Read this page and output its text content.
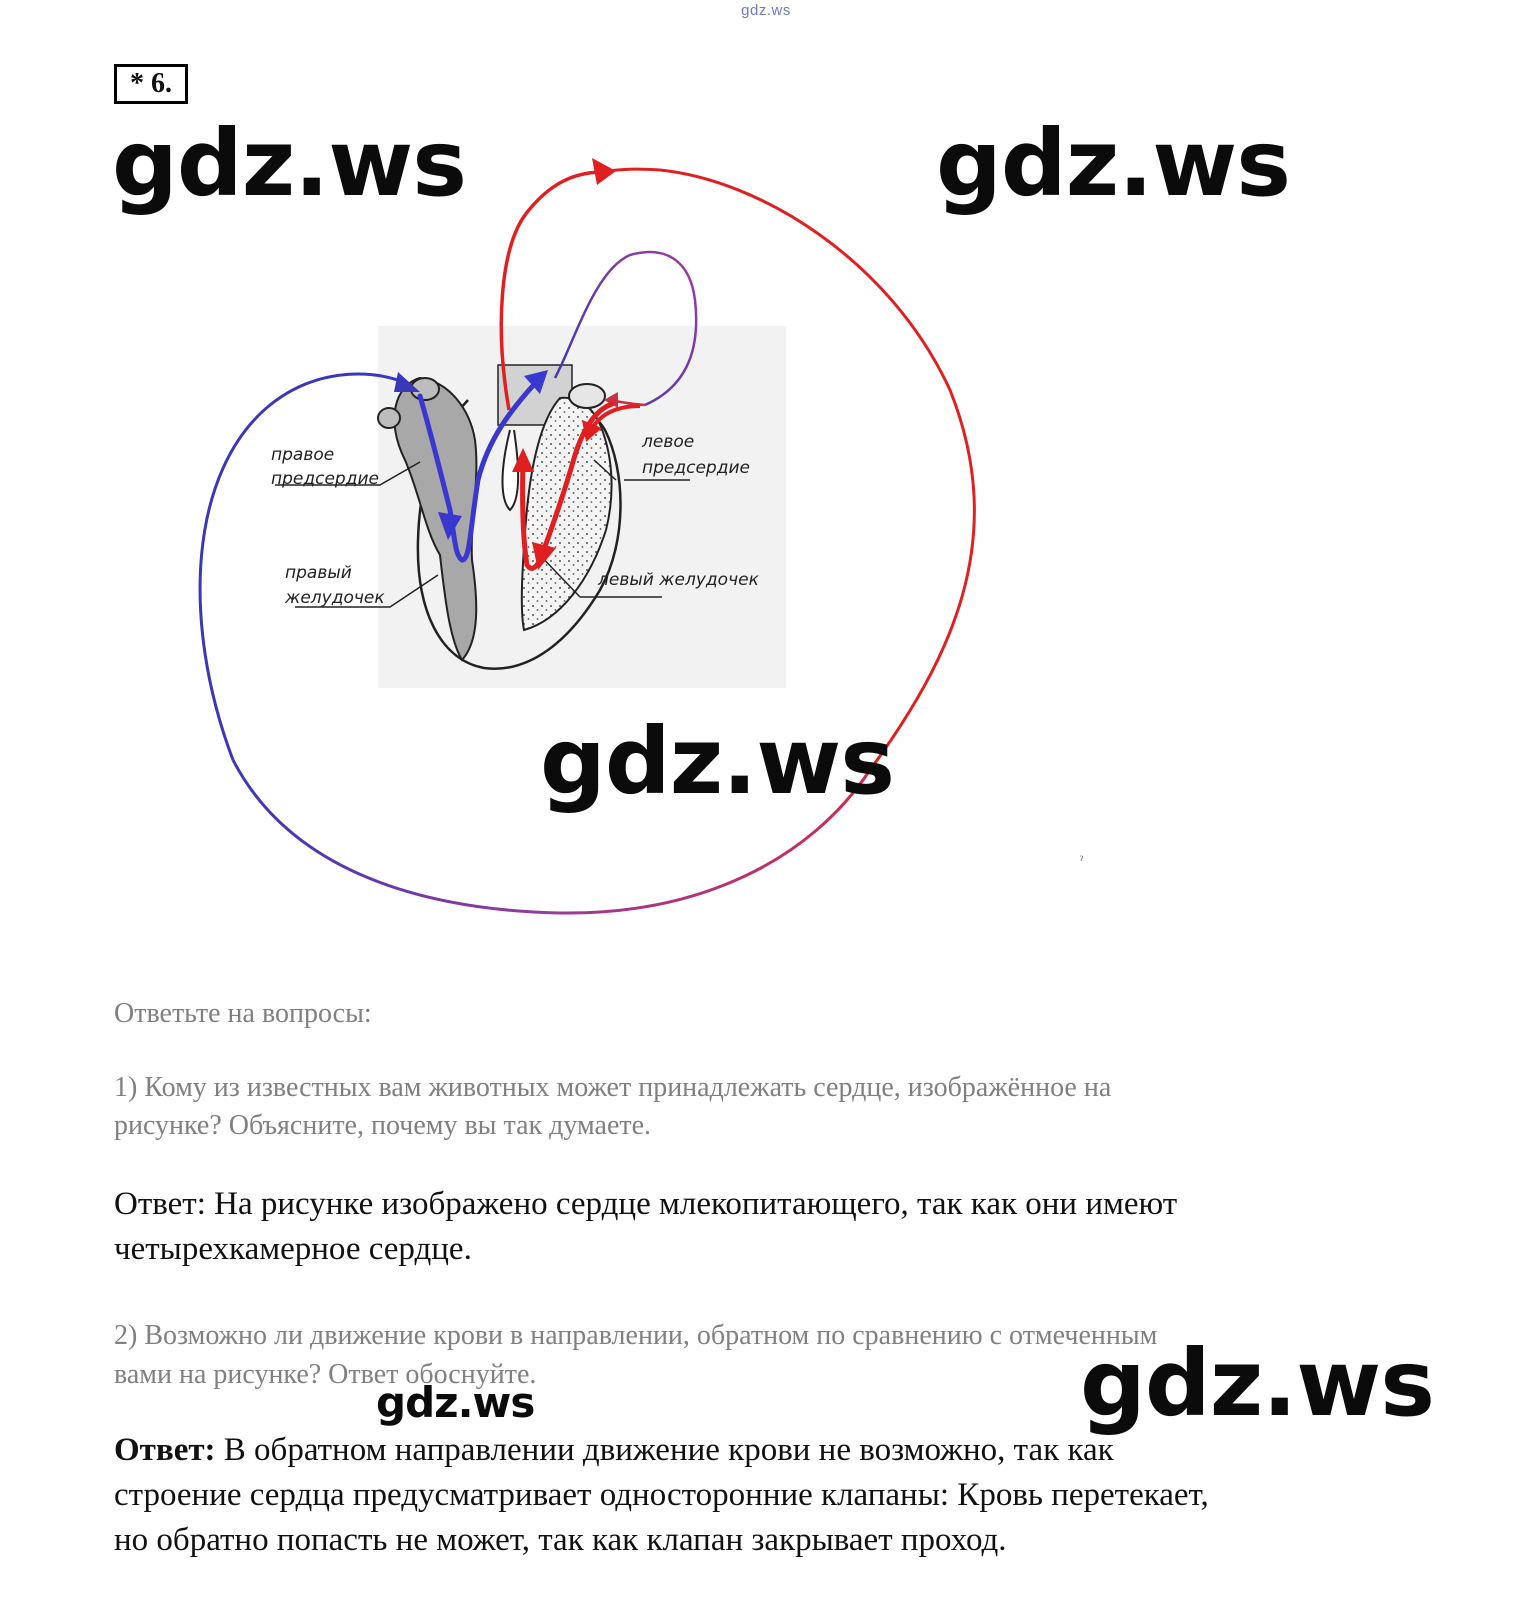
gdz.ws
* 6.
правое
предсердие
правый
желудочек
левое
предсердие
левый желудочек
ˀ
gdz.ws	gdz.ws
gdz.ws
Ответьте на вопросы:
1) Кому из известных вам животных может принадлежать сердце, изображённое на
рисунке? Объясните, почему вы так думаете.
Ответ: На рисунке изображено сердце млекопитающего, так как они имеют
четырехкамерное сердце.
2) Возможно ли движение крови в направлении, обратном по сравнению с отмеченным
вами на рисунке? Ответ обоснуйте.
gdz.ws	gdz.ws
Ответ: В обратном направлении движение крови не возможно, так как
строение сердца предусматривает односторонние клапаны: Кровь перетекает,
но обратно попасть не может, так как клапан закрывает проход.
